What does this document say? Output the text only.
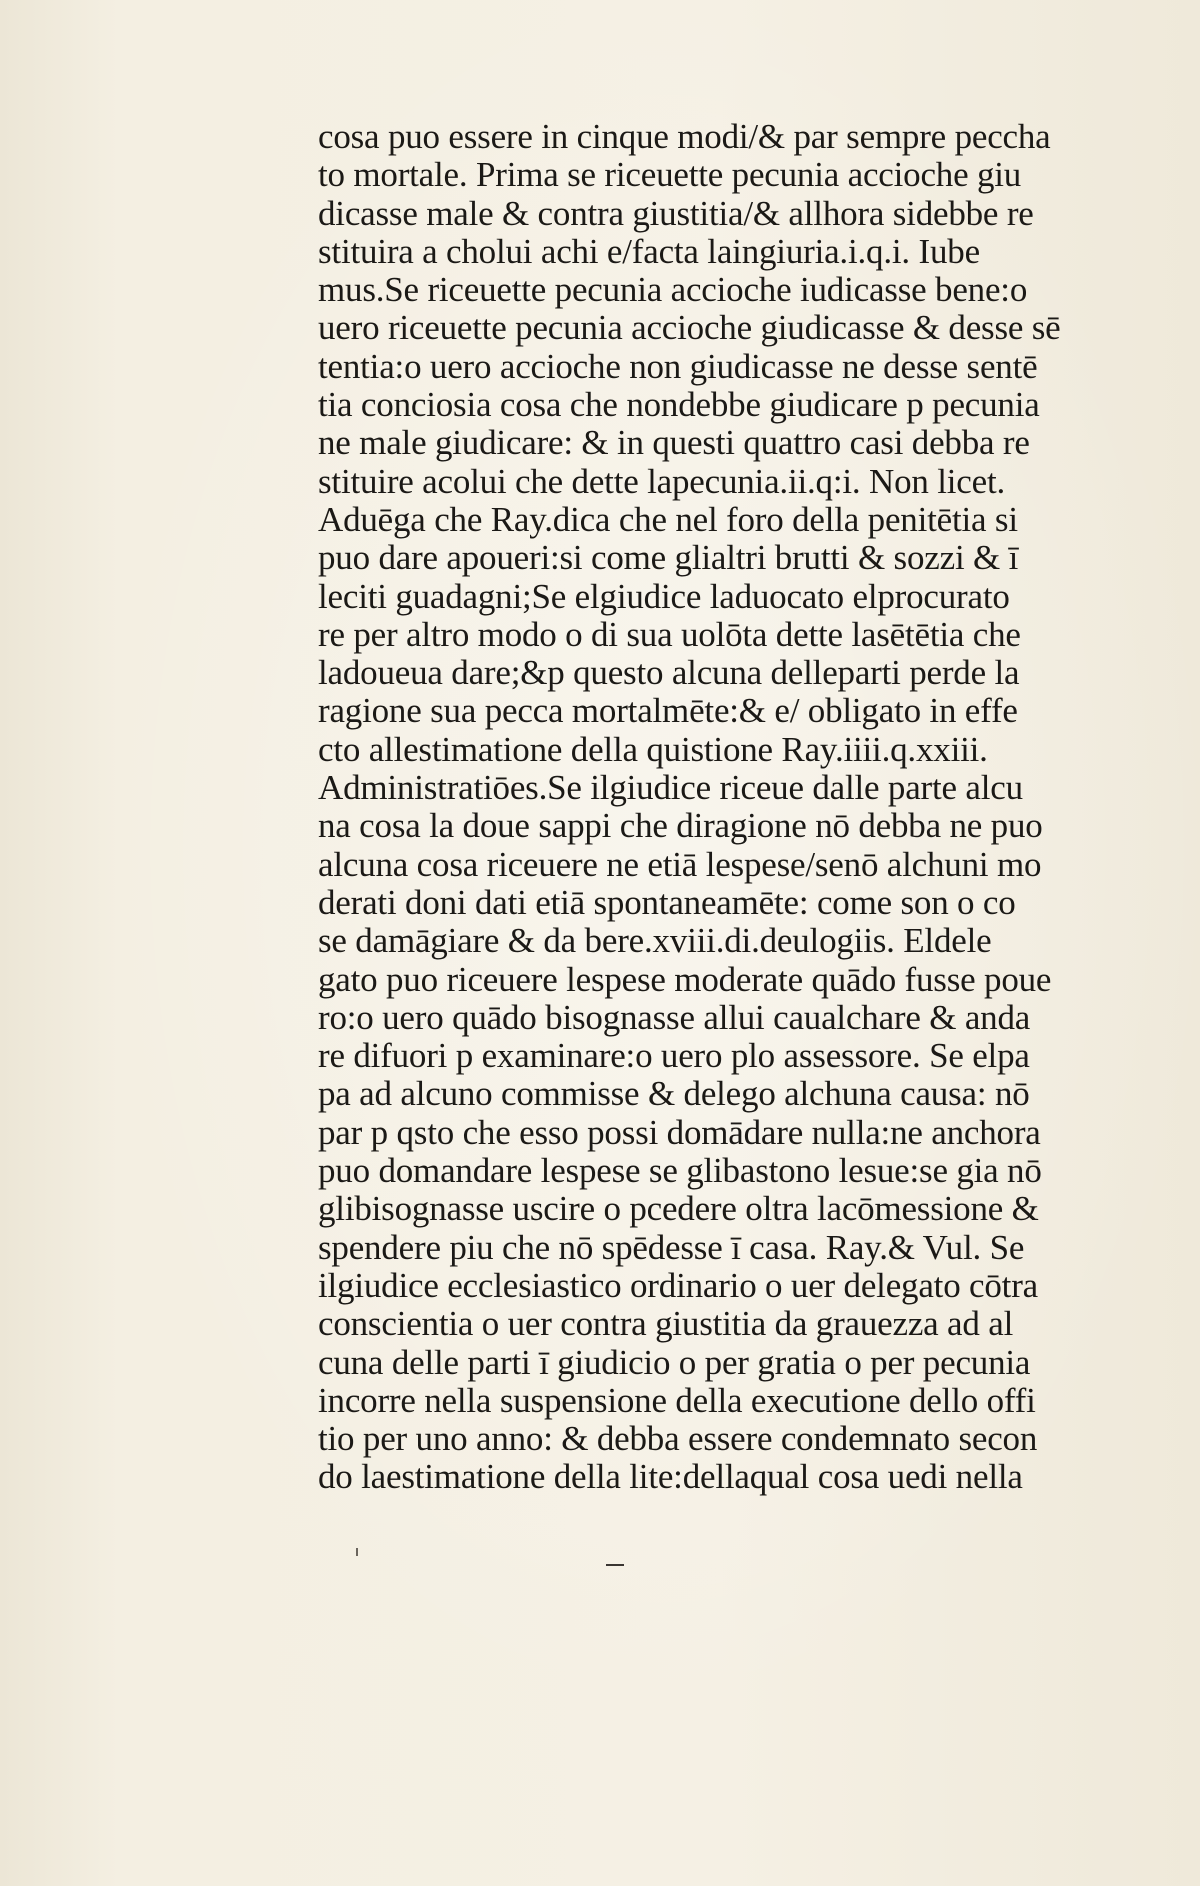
cosa puo essere in cinque modi/& par sempre peccha
to mortale. Prima se riceuette pecunia accioche giu
dicasse male & contra giustitia/& allhora sidebbe re
stituira a cholui achi e/facta laingiuria.i.q.i. Iube
mus.Se riceuette pecunia accioche iudicasse bene:o
uero riceuette pecunia accioche giudicasse & desse sē
tentia:o uero accioche non giudicasse ne desse sentē
tia conciosia cosa che nondebbe giudicare p pecunia
ne male giudicare: & in questi quattro casi debba re
stituire acolui che dette lapecunia.ii.q:i. Non licet.
Aduēga che Ray.dica che nel foro della penitētia si
puo dare apoueri:si come glialtri brutti & sozzi & ī
leciti guadagni;Se elgiudice laduocato elprocurato
re per altro modo o di sua uolōta dette lasētētia che
ladoueua dare;&p questo alcuna delleparti perde la
ragione sua pecca mortalmēte:& e/ obligato in effe
cto allestimatione della quistione Ray.iiii.q.xxiii.
Administratiōes.Se ilgiudice riceue dalle parte alcu
na cosa la doue sappi che diragione nō debba ne puo
alcuna cosa riceuere ne etiā lespese/senō alchuni mo
derati doni dati etiā spontaneamēte: come son o co
se damāgiare & da bere.xviii.di.deulogiis. Eldele
gato puo riceuere lespese moderate quādo fusse poue
ro:o uero quādo bisognasse allui caualchare & anda
re difuori p examinare:o uero plo assessore. Se elpa
pa ad alcuno commisse & delego alchuna causa: nō
par p qsto che esso possi domādare nulla:ne anchora
puo domandare lespese se glibastono lesue:se gia nō
glibisognasse uscire o pcedere oltra lacōmessione &
spendere piu che nō spēdesse ī casa. Ray.& Vul. Se
ilgiudice ecclesiastico ordinario o uer delegato cōtra
conscientia o uer contra giustitia da grauezza ad al
cuna delle parti ī giudicio o per gratia o per pecunia
incorre nella suspensione della executione dello offi
tio per uno anno: & debba essere condemnato secon
do laestimatione della lite:dellaqual cosa uedi nella
